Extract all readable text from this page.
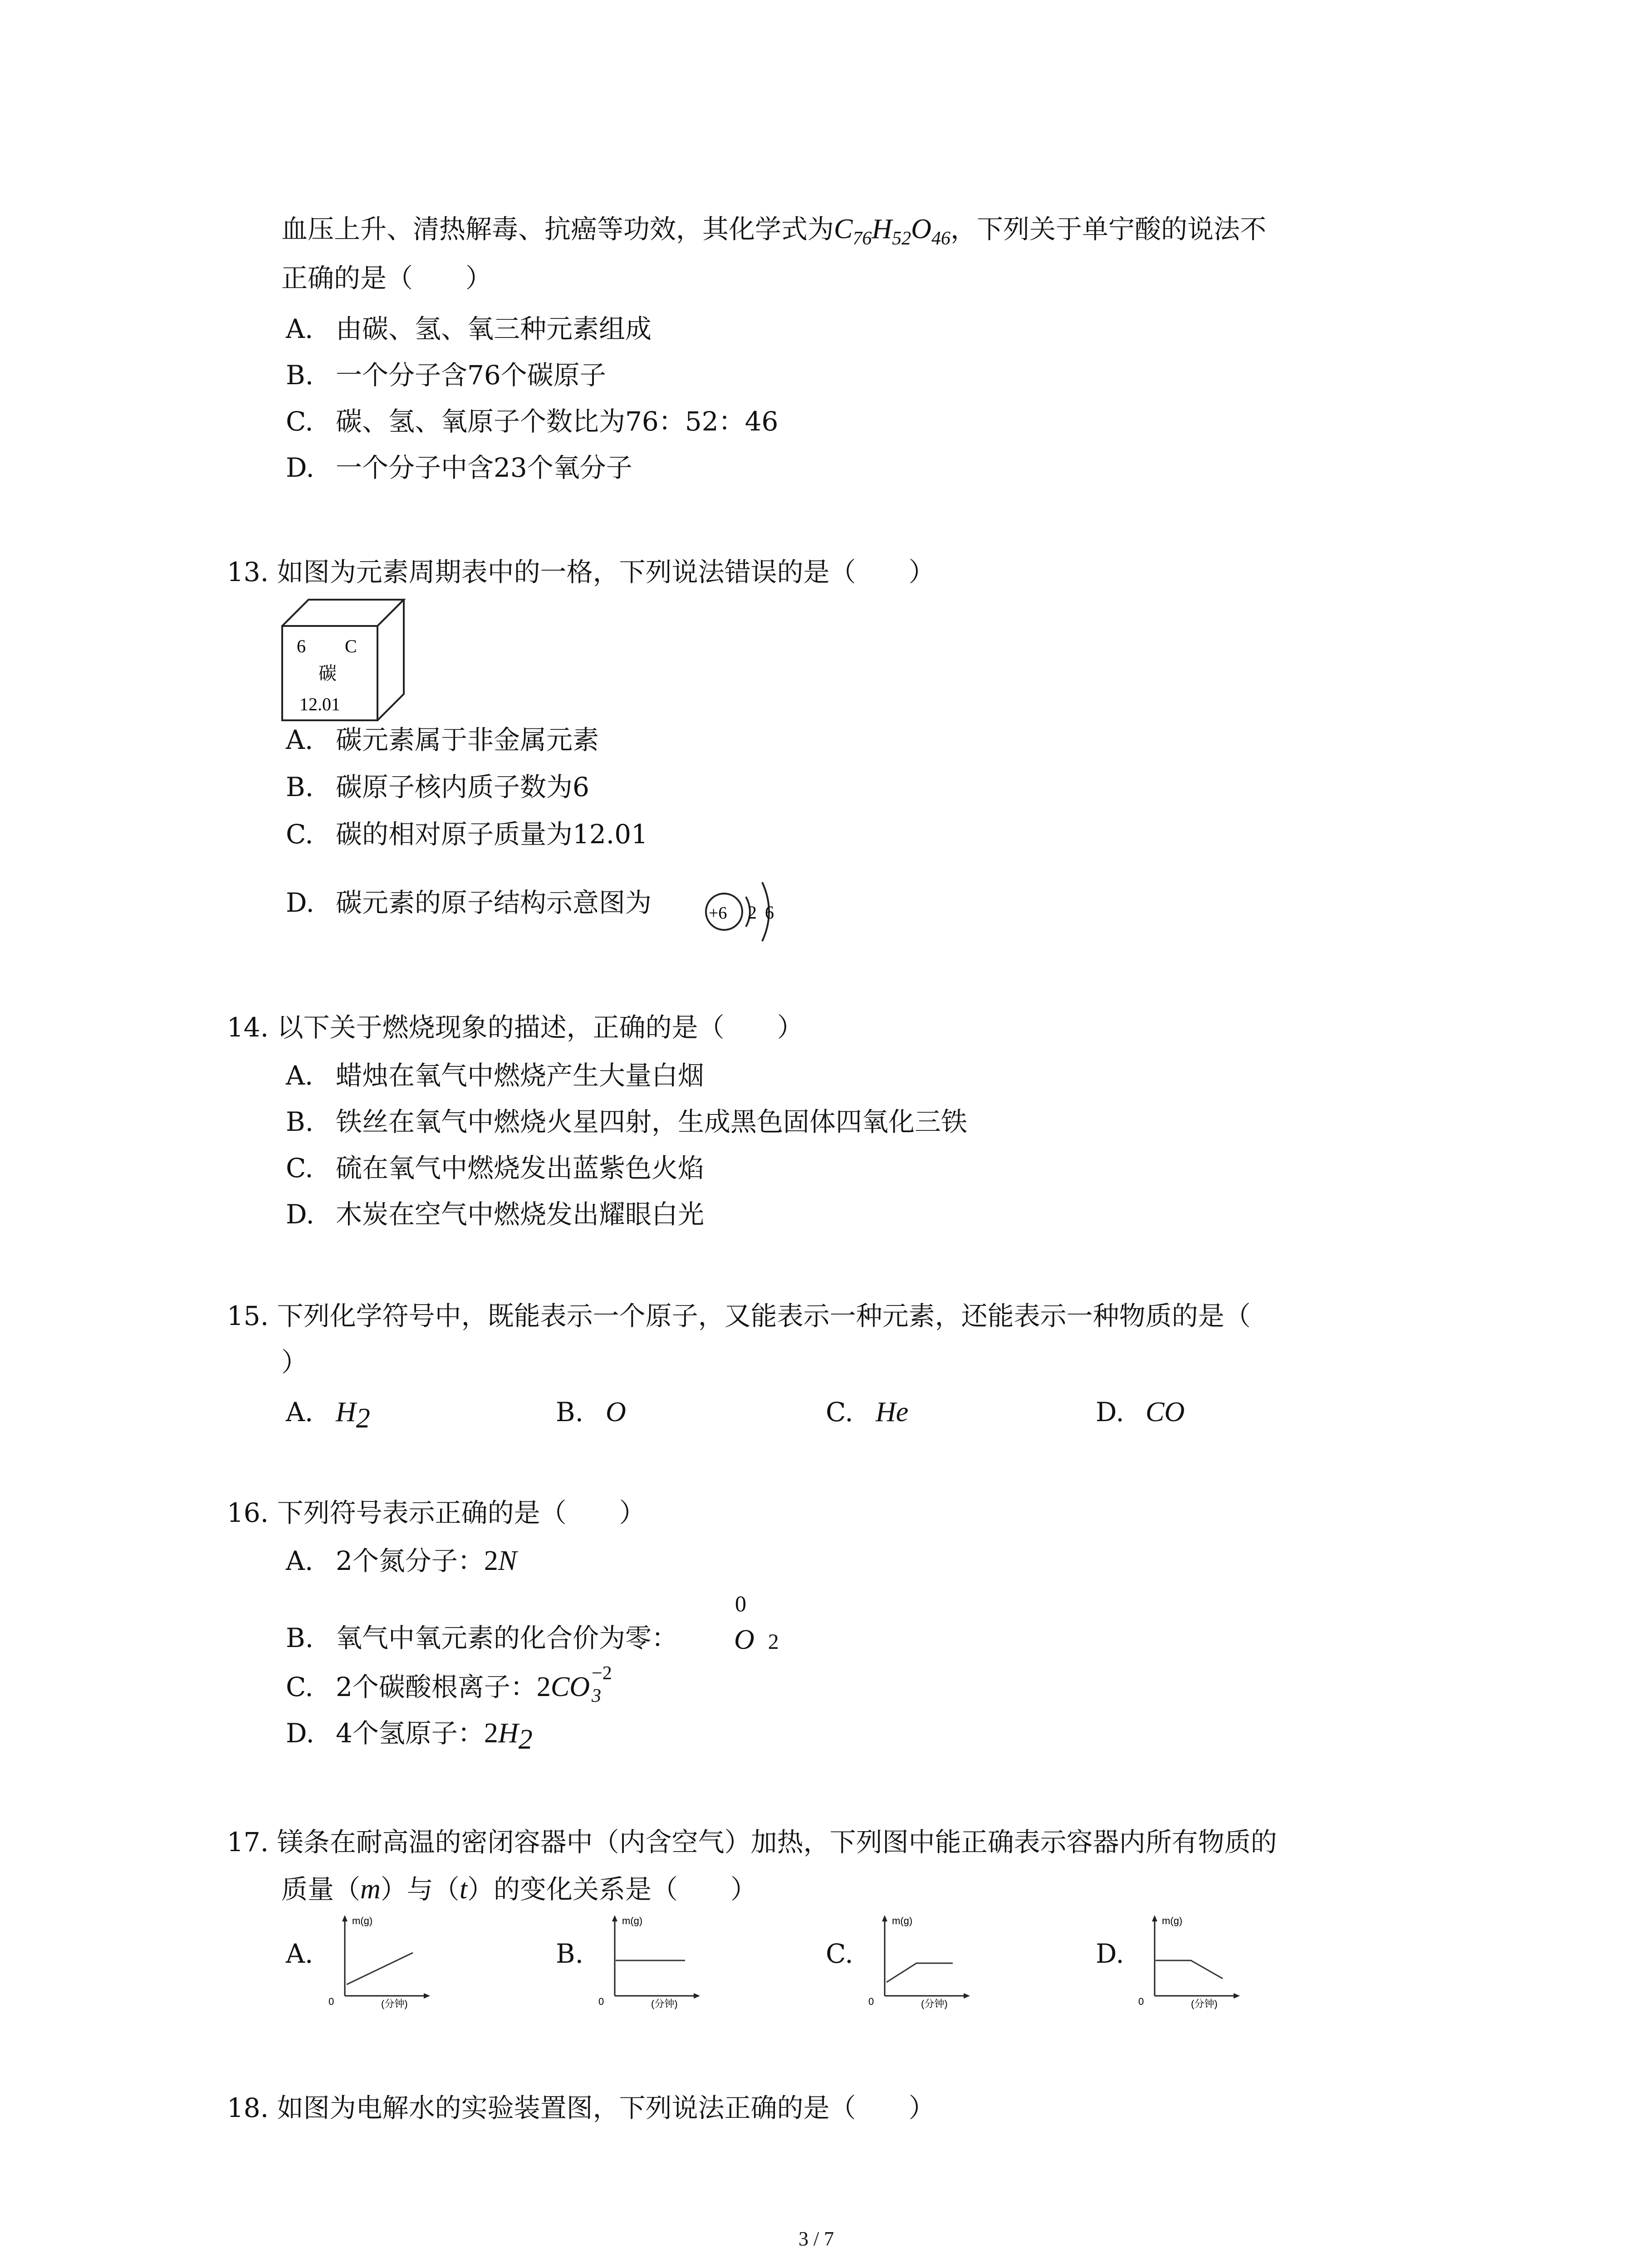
血压上升、清热解毒、抗癌等功效，其化学式为$C_{76}H_{52}O_{46}$，下列关于单宁酸的说法不
正确的是（　　）
A. 由碳、氢、氧三种元素组成
B. 一个分子含76个碳原子
C. 碳、氢、氧原子个数比为76：52：46
D. 一个分子中含23个氧分子
13. 如图为元素周期表中的一格，下列说法错误的是（　　）
6 C
碳
12.01
A. 碳元素属于非金属元素
B. 碳原子核内质子数为6
C. 碳的相对原子质量为12.01
D. 碳元素的原子结构示意图为	+6 2 6
14. 以下关于燃烧现象的描述，正确的是（　　）
A. 蜡烛在氧气中燃烧产生大量白烟
B. 铁丝在氧气中燃烧火星四射，生成黑色固体四氧化三铁
C. 硫在氧气中燃烧发出蓝紫色火焰
D. 木炭在空气中燃烧发出耀眼白光
15. 下列化学符号中，既能表示一个原子，又能表示一种元素，还能表示一种物质的是（
）
A. $H_2$	B. O	C. He	D. CO
16. 下列符号表示正确的是（　　）
A. 2个氮分子：2N
B. 氧气中氧元素的化合价为零：
0
O 2
C. 2个碳酸根离子：2CO −2
3
D. 4个氢原子：$2H_2$
17. 镁条在耐高温的密闭容器中（内含空气）加热，下列图中能正确表示容器内所有物质的
质量（m）与（t）的变化关系是（　　）
A.
m(g)
0	(分钟)
B.
m(g)
0	(分钟)
C.
m(g)
0	(分钟)
D.
m(g)
0	(分钟)
18. 如图为电解水的实验装置图，下列说法正确的是（　　）
3 / 7
